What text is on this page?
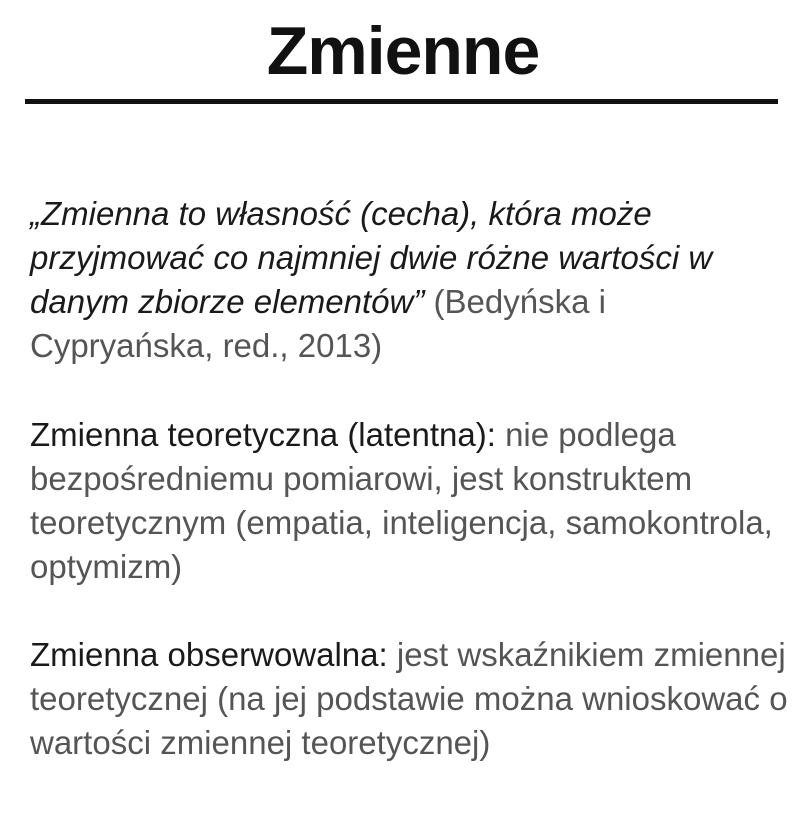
Zmienne

„Zmienna to własność (cecha), która może przyjmować co najmniej dwie różne wartości w danym zbiorze elementów” (Bedyńska i Cypryańska, red., 2013)

Zmienna teoretyczna (latentna): nie podlega bezpośredniemu pomiarowi, jest konstruktem teoretycznym (empatia, inteligencja, samokontrola, optymizm)

Zmienna obserwowalna: jest wskaźnikiem zmiennej teoretycznej (na jej podstawie można wnioskować o wartości zmiennej teoretycznej)
